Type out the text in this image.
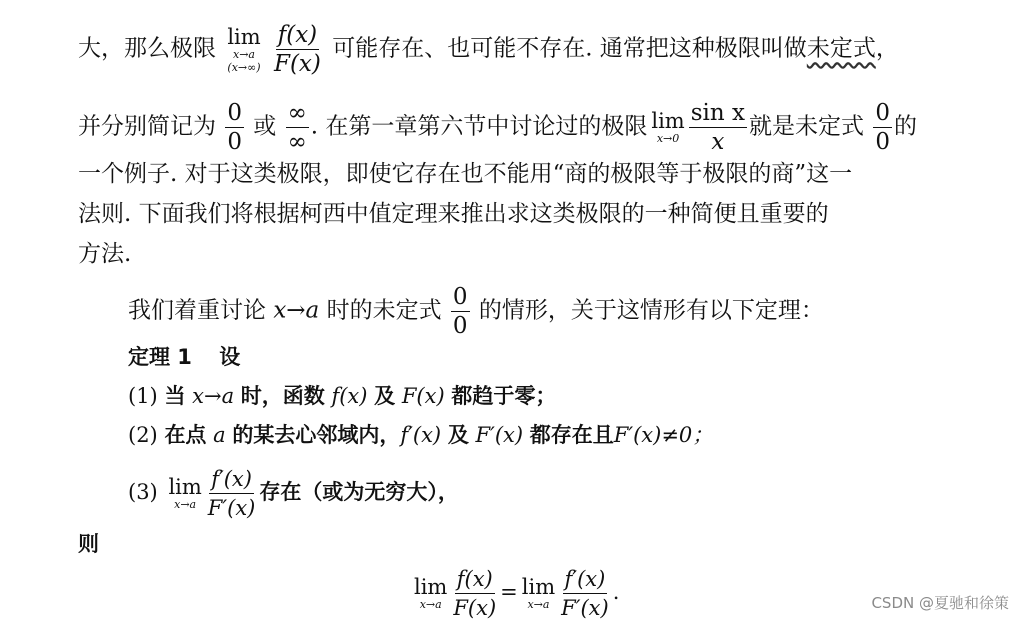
大，那么极限 lim
x→a
(x→∞)
$\frac{f(x)}{F(x)}$ 可能存在、也可能不存在. 通常把这种极限叫做未定式，
并分别简记为 $\frac{0}{0}$ 或 $\frac{\infty}{\infty}$ . 在第一章第六节中讨论过的极限 lim
$x\to 0 \frac{\text{sin x}}{x}$ 就是未定式 $\frac{0}{0}$ 的
一个例子. 对于这类极限，即使它存在也不能用“商的极限等于极限的商”这一
法则. 下面我们将根据柯西中值定理来推出求这类极限的一种简便且重要的
方法.
我们着重讨论 x→a 时的未定式 $\frac{0}{0}$ 的情形，关于这情形有以下定理：
定理 1 设
(1) 当 x→a 时，函数 f(x) 及 F(x) 都趋于零；
(2) 在点 a 的某去心邻域内，f′(x) 及 F′(x) 都存在且F′(x)≠0；
(3) lim
$x\to a \frac{f'(x)}{F'(x)}$ 存在（或为无穷大），
则
lim
$x\to a \frac{f(x)}{F(x)} = \lim$
$x\to a \frac{f'(x)}{F'(x)}$ .	CSDN @夏驰和徐策
